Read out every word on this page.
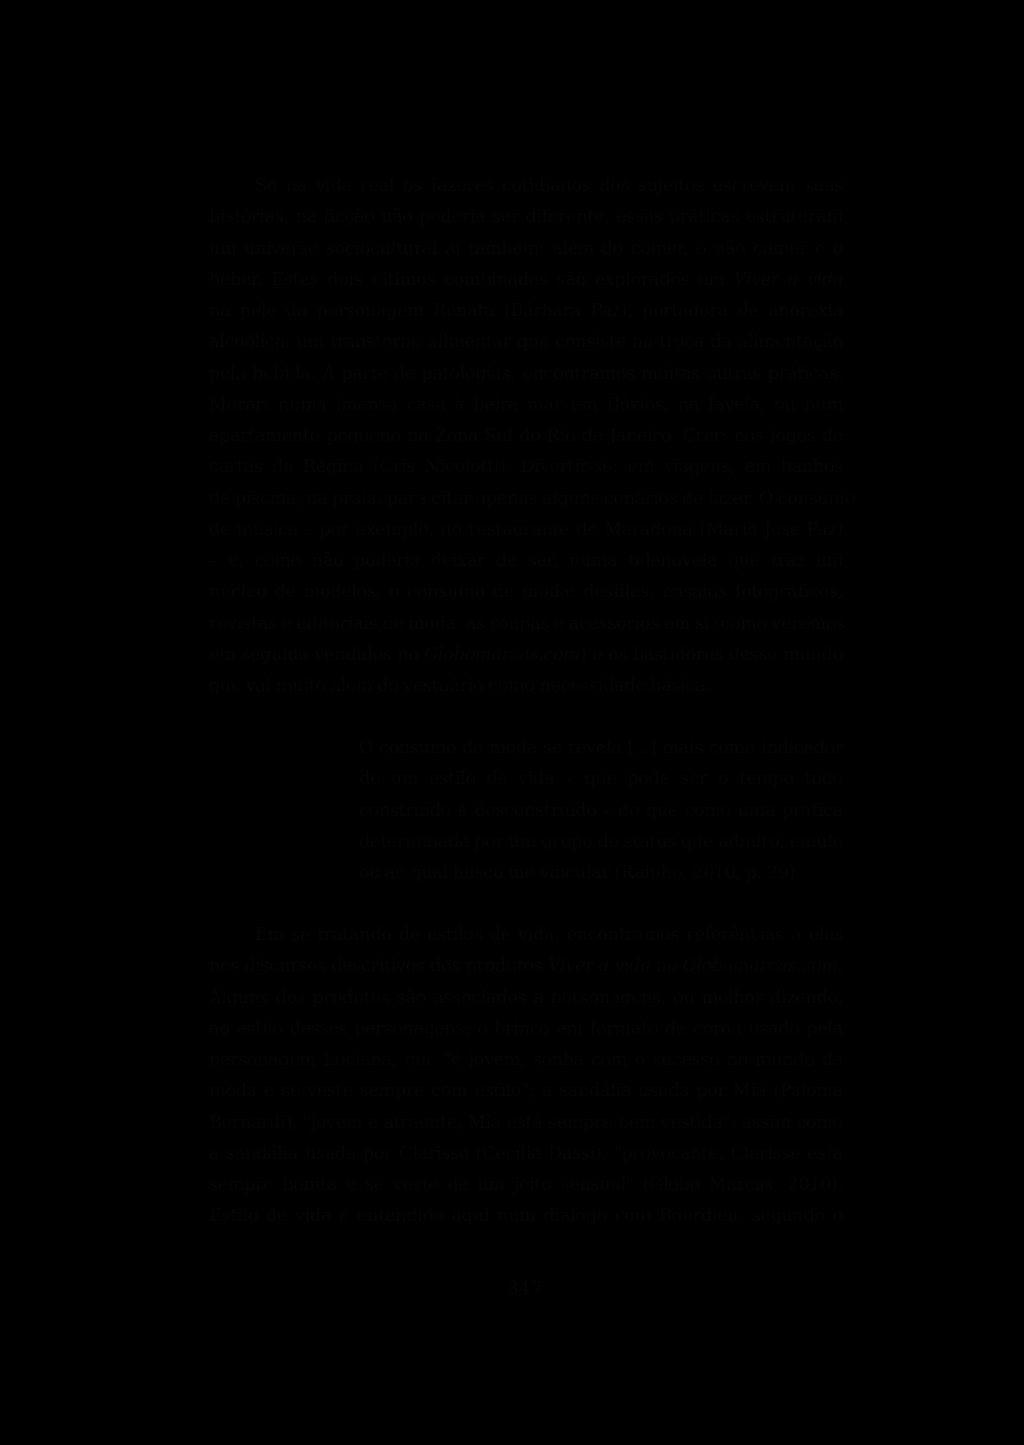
Se na vida real os fazeres cotidianos dos sujeitos escrevem suas
histórias, na ficção não poderia ser diferente, essas práticas estruturam
um universo sociocultural aí também: além do comer, o não comer e o
beber. Estes dois últimos combinados são explorados em Viver a vida
na pele da personagem Renata (Bárbara Paz), portadora de anorexia
alcoólica, um transtorno alimentar que consiste na troca da alimentação
pela bebida. À parte de patologias, encontramos muitas outras práticas.
Morar: numa imensa casa à beira mar em Búzios, na favela, ou num
apartamento pequeno na Zona Sul do Rio de Janeiro. Crer: nos jogos de
cartas de Regina (Cris Nicolotti). Divertir-se: em viagens, em banhos
de piscina, na praia, para citar apenas alguns cenários de lazer. O consumo
de música – por exemplo, no restaurante de Maradona (Mario José Paz)
– e, como não poderia deixar de ser, numa telenovela que traz um
núcleo de modelos, o consumo de moda: desfiles, ensaios fotográficos,
revistas e editoriais de moda, as roupas e acessórios em si (como veremos
em seguida vendidos no Globomarcas.com) e os bastidores desse mundo
que vai muito além do vestuário como necessidade básica.
O consumo de moda se revela [...] mais como indicador
de um estilo de vida – que pode ser o tempo todo
construído e desconstruído – do que como uma prática
determinada por um grupo de status que admiro, emulo
ou ao qual busco me vincular (Rainho, 2010, p. 29).
Em se tratando de estilos de vida, encontramos referências a eles
nos discursos descritivos dos produtos Viver a vida no Globomarcas.com.
Alguns dos produtos são associados a personagens, ou melhor dizendo,
ao estilo desses personagens: o brinco em formato de coroa usado pela
personagem Luciana, que "é jovem, sonha com o sucesso no mundo da
moda e se veste sempre com estilo"; a sandália usada por Mia (Paloma
Bernardi), "jovem e atraente, Mia está sempre bem vestida"; assim como
a sandália usada por Clarisse (Cecília Dassi), "provocante, Clarisse está
sempre bonita e se veste de um jeito sensual" (Globo Marcas, 2010).
Estilo de vida é entendido aqui num diálogo com Bourdieu, segundo o
347
